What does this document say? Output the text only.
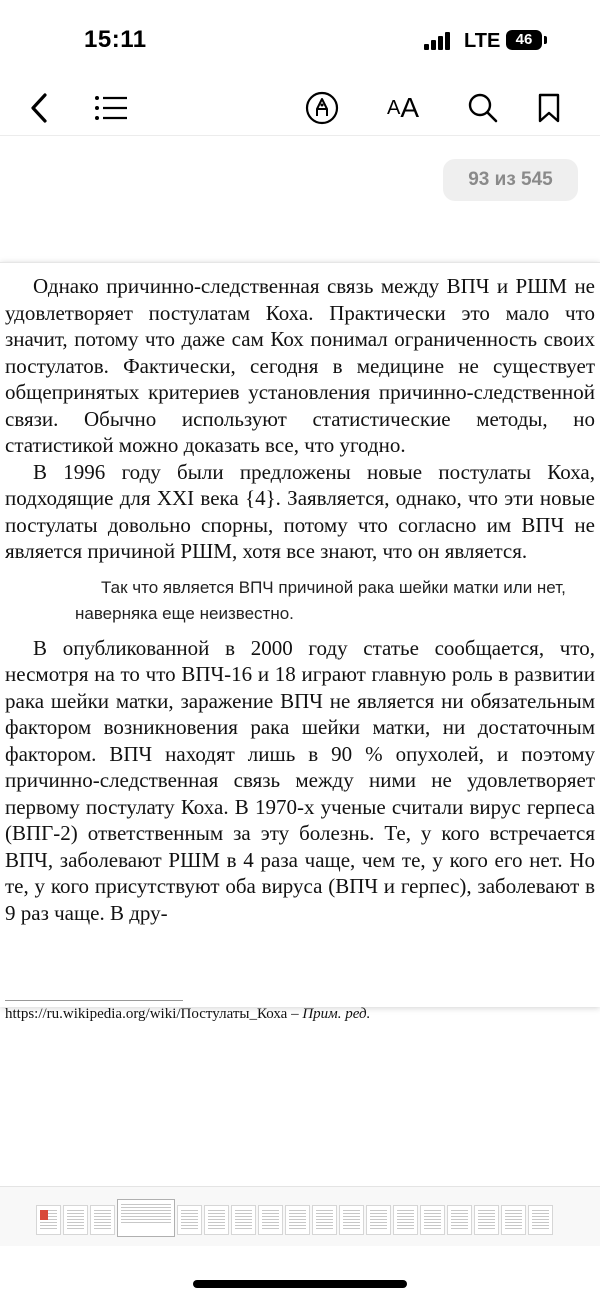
15:11	LTE	46
A A
93 из 545

Однако причинно-следственная связь между ВПЧ и РШМ не удовлетворяет постулатам Коха. Практически это мало что значит, потому что даже сам Кох понимал ограниченность своих постулатов. Фактически, сегодня в медицине не существует общепринятых критериев установления причинно-следственной связи. Обычно используют статистические методы, но статистикой можно доказать все, что угодно.

В 1996 году были предложены новые постулаты Коха, подходящие для XXI века {4}. Заявляется, однако, что эти новые постулаты довольно спорны, потому что согласно им ВПЧ не является причиной РШМ, хотя все знают, что он является.

Так что является ВПЧ причиной рака шейки матки или нет, наверняка еще неизвестно.

В опубликованной в 2000 году статье сообщается, что, несмотря на то что ВПЧ-16 и 18 играют главную роль в развитии рака шейки матки, заражение ВПЧ не является ни обязательным фактором возникновения рака шейки матки, ни достаточным фактором. ВПЧ находят лишь в 90 % опухолей, и поэтому причинно-следственная связь между ними не удовлетворяет первому постулату Коха. В 1970-х ученые считали вирус герпеса (ВПГ-2) ответственным за эту болезнь. Те, у кого встречается ВПЧ, заболевают РШМ в 4 раза чаще, чем те, у кого его нет. Но те, у кого присутствуют оба вируса (ВПЧ и герпес), заболевают в 9 раз чаще. В дру-

https://ru.wikipedia.org/wiki/Постулаты_Коха – Прим. ред.
